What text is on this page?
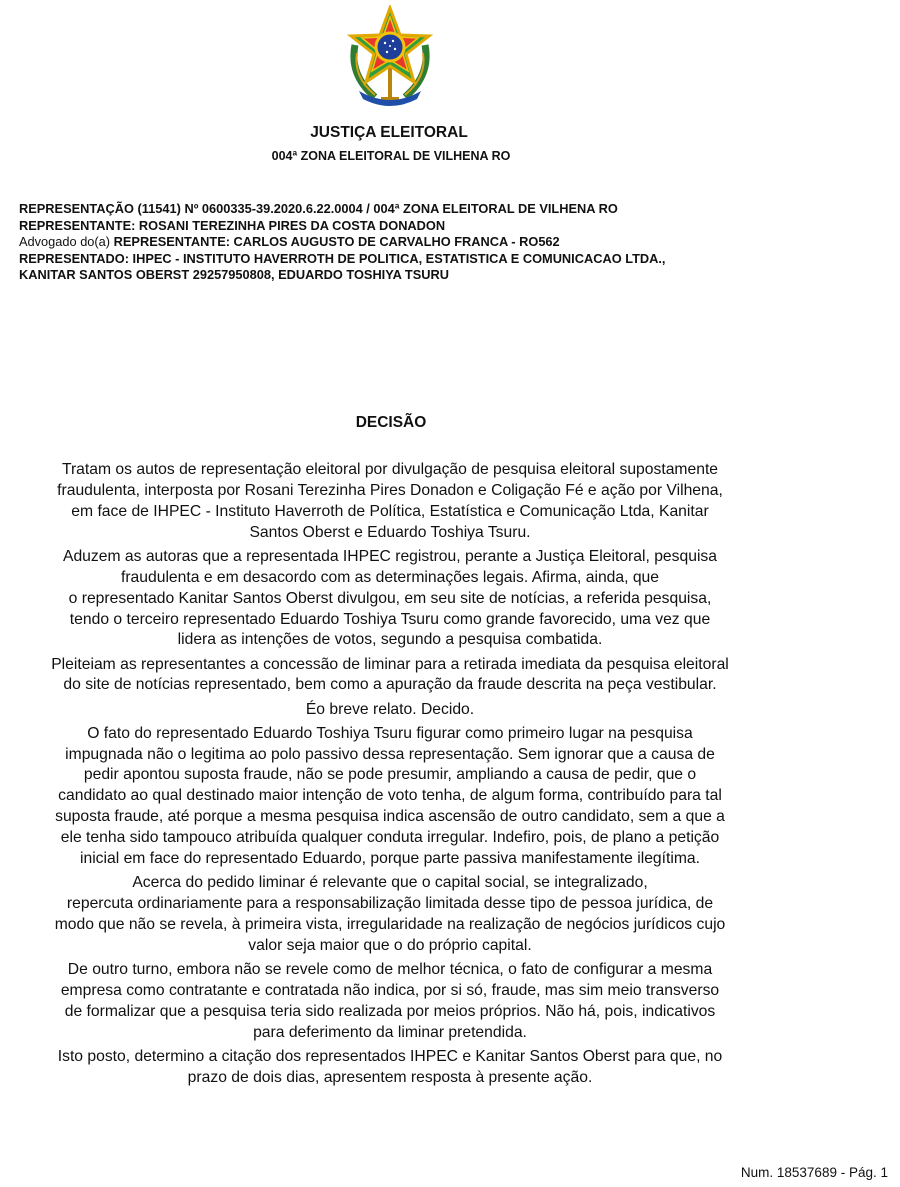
JUSTIÇA ELEITORAL
004ª ZONA ELEITORAL DE VILHENA RO
REPRESENTAÇÃO (11541) Nº 0600335-39.2020.6.22.0004 / 004ª ZONA ELEITORAL DE VILHENA RO
REPRESENTANTE: ROSANI TEREZINHA PIRES DA COSTA DONADON
Advogado do(a) REPRESENTANTE: CARLOS AUGUSTO DE CARVALHO FRANCA - RO562
REPRESENTADO: IHPEC - INSTITUTO HAVERROTH DE POLITICA, ESTATISTICA E COMUNICACAO LTDA.,
KANITAR SANTOS OBERST 29257950808, EDUARDO TOSHIYA TSURU
DECISÃO

Tratam os autos de representação eleitoral por divulgação de pesquisa eleitoral supostamente
fraudulenta, interposta por Rosani Terezinha Pires Donadon e Coligação Fé e ação por Vilhena,
em face de IHPEC - Instituto Haverroth de Política, Estatística e Comunicação Ltda, Kanitar
Santos Oberst e Eduardo Toshiya Tsuru.

Aduzem as autoras que a representada IHPEC registrou, perante a Justiça Eleitoral, pesquisa
fraudulenta e em desacordo com as determinações legais. Afirma, ainda, que
o representado Kanitar Santos Oberst divulgou, em seu site de notícias, a referida pesquisa,
tendo o terceiro representado Eduardo Toshiya Tsuru como grande favorecido, uma vez que
lidera as intenções de votos, segundo a pesquisa combatida.

Pleiteiam as representantes a concessão de liminar para a retirada imediata da pesquisa eleitoral
do site de notícias representado, bem como a apuração da fraude descrita na peça vestibular.

Éo breve relato. Decido.

O fato do representado Eduardo Toshiya Tsuru figurar como primeiro lugar na pesquisa
impugnada não o legitima ao polo passivo dessa representação. Sem ignorar que a causa de
pedir apontou suposta fraude, não se pode presumir, ampliando a causa de pedir, que o
candidato ao qual destinado maior intenção de voto tenha, de algum forma, contribuído para tal
suposta fraude, até porque a mesma pesquisa indica ascensão de outro candidato, sem a que a
ele tenha sido tampouco atribuída qualquer conduta irregular. Indefiro, pois, de plano a petição
inicial em face do representado Eduardo, porque parte passiva manifestamente ilegítima.

Acerca do pedido liminar é relevante que o capital social, se integralizado,
repercuta ordinariamente para a responsabilização limitada desse tipo de pessoa jurídica, de
modo que não se revela, à primeira vista, irregularidade na realização de negócios jurídicos cujo
valor seja maior que o do próprio capital.

De outro turno, embora não se revele como de melhor técnica, o fato de configurar a mesma
empresa como contratante e contratada não indica, por si só, fraude, mas sim meio transverso
de formalizar que a pesquisa teria sido realizada por meios próprios. Não há, pois, indicativos
para deferimento da liminar pretendida.

Isto posto, determino a citação dos representados IHPEC e Kanitar Santos Oberst para que, no
prazo de dois dias, apresentem resposta à presente ação.

Num. 18537689 - Pág. 1
